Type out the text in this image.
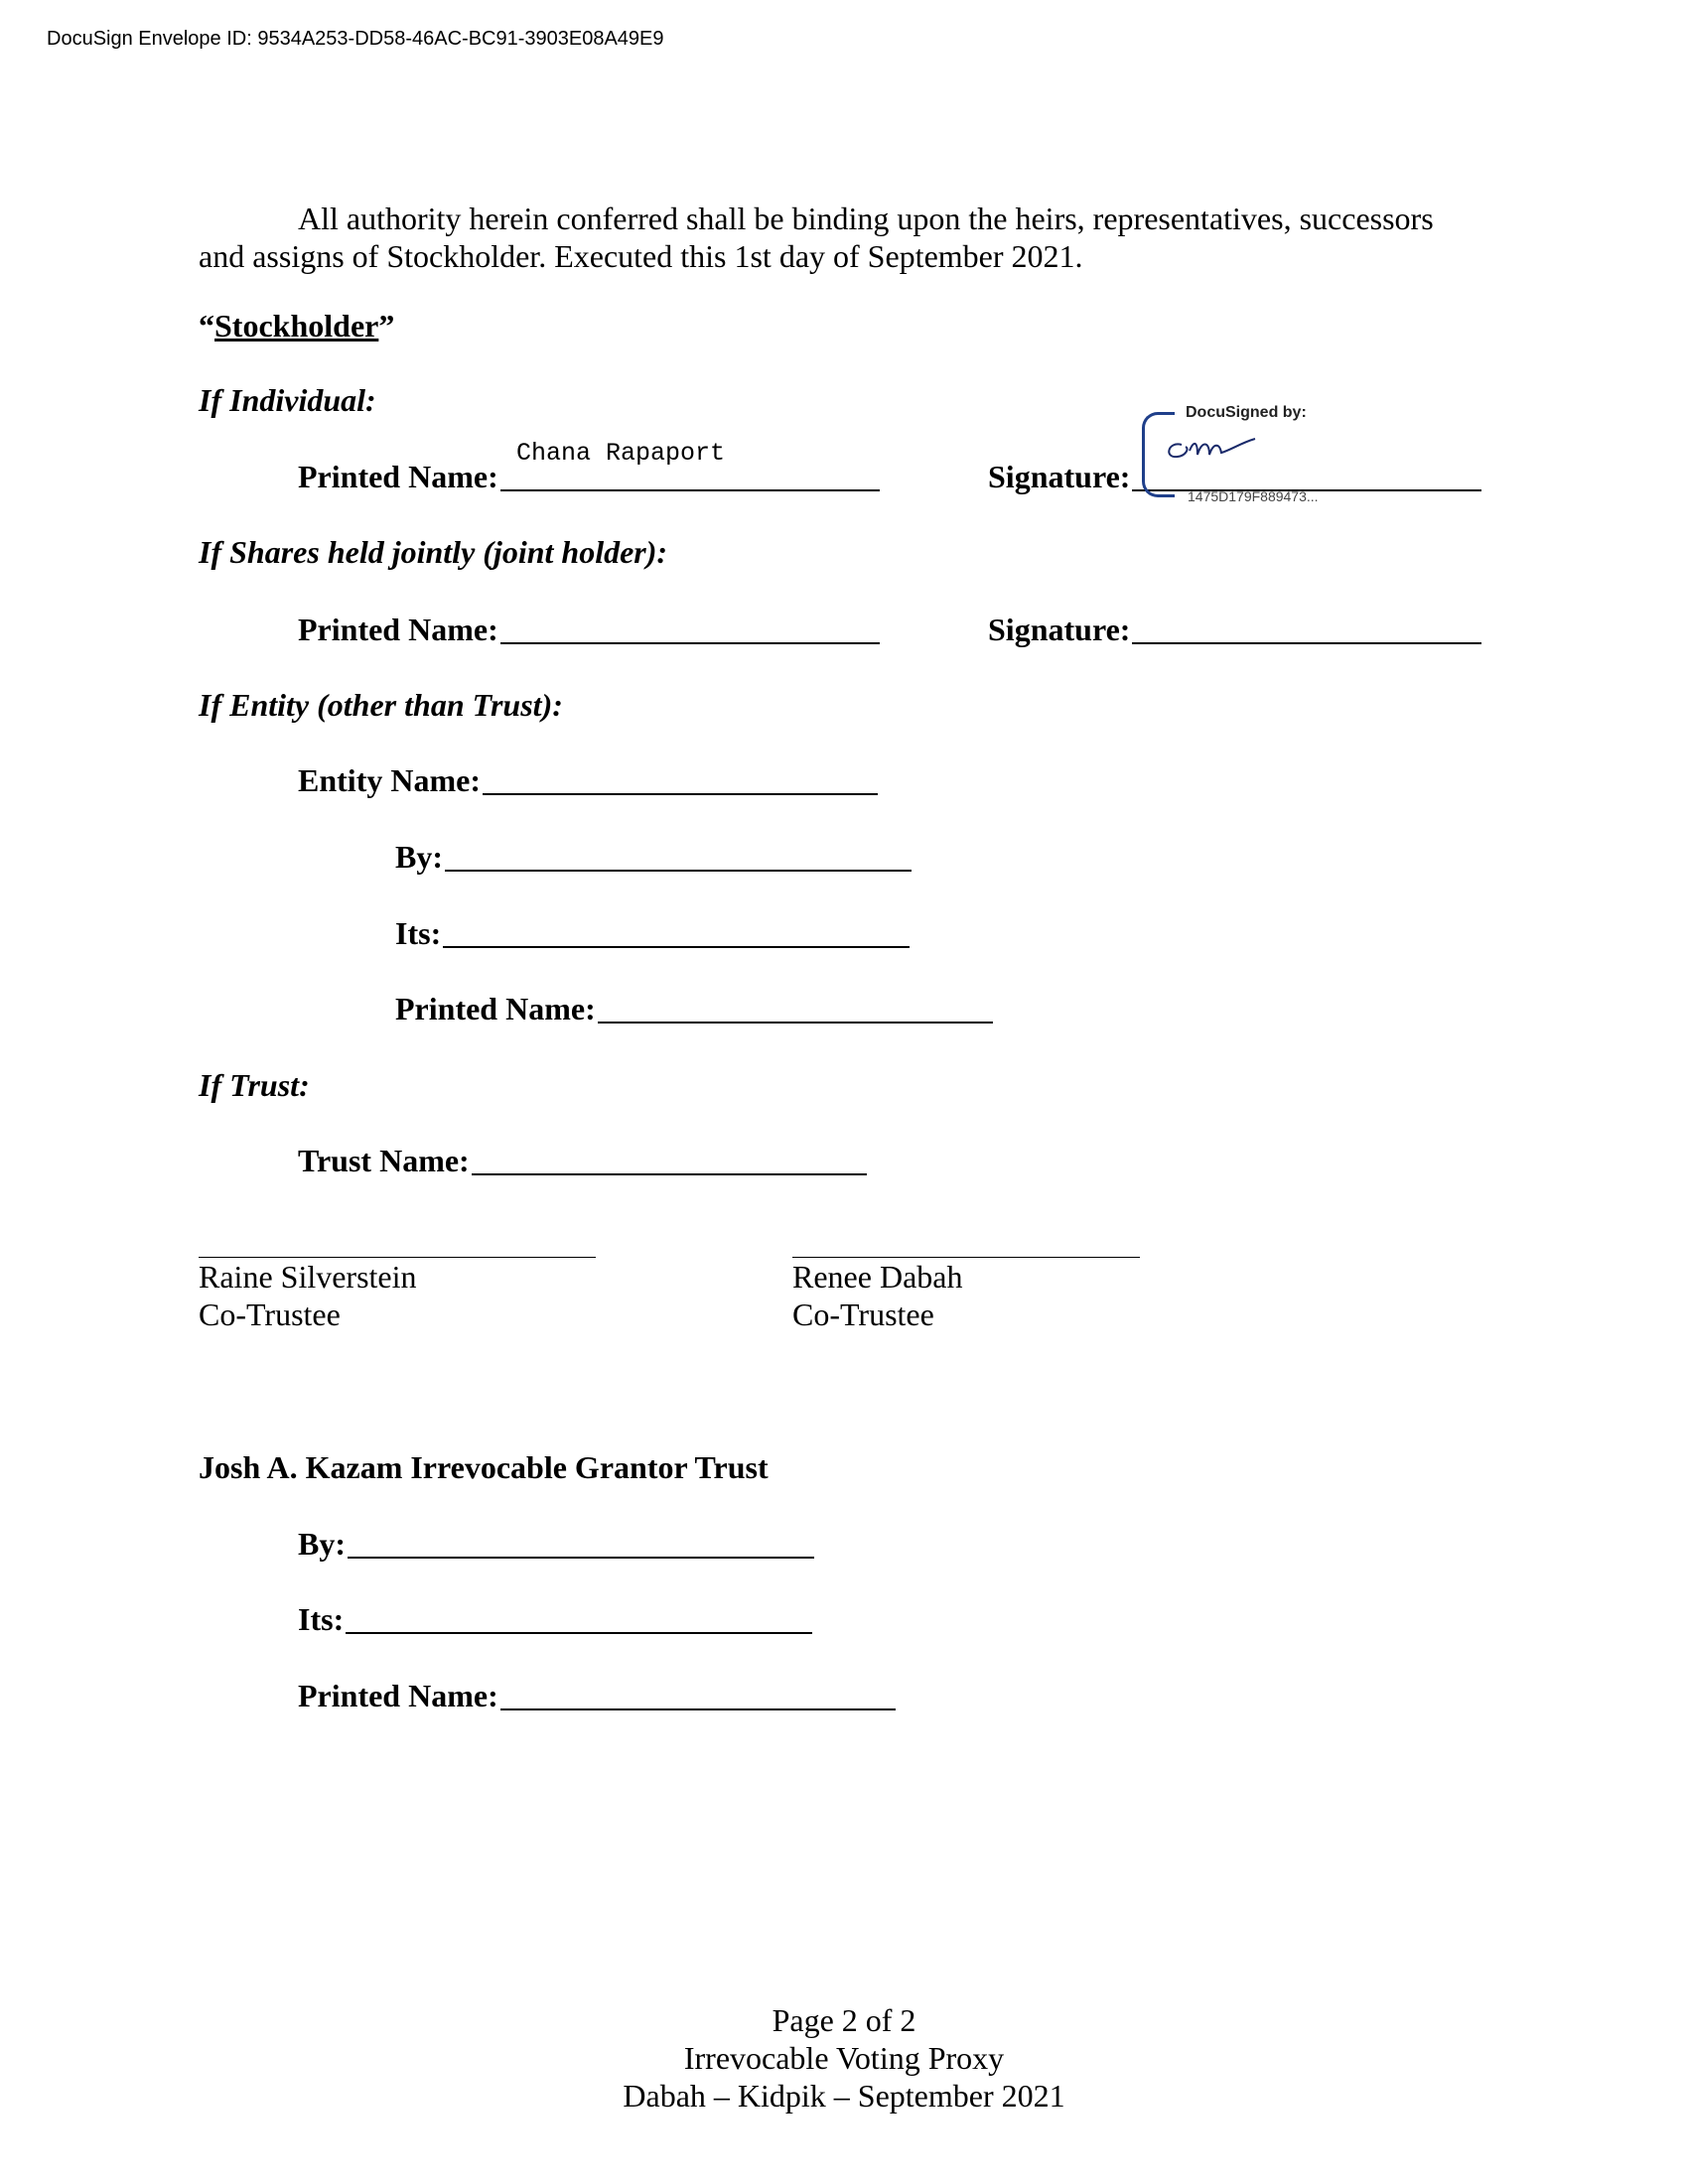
DocuSign Envelope ID: 9534A253-DD58-46AC-BC91-3903E08A49E9
All authority herein conferred shall be binding upon the heirs, representatives, successors
and assigns of Stockholder. Executed this 1st day of September 2021.
“Stockholder”
If Individual:
Chana Rapaport
Printed Name:	Signature:
DocuSigned by:
1475D179F889473...
If Shares held jointly (joint holder):
Printed Name:	Signature:
If Entity (other than Trust):
Entity Name:
By:
Its:
Printed Name:
If Trust:
Trust Name:
Raine Silverstein
Co-Trustee
Renee Dabah
Co-Trustee
Josh A. Kazam Irrevocable Grantor Trust
By:
Its:
Printed Name:
Page 2 of 2
Irrevocable Voting Proxy
Dabah – Kidpik – September 2021
